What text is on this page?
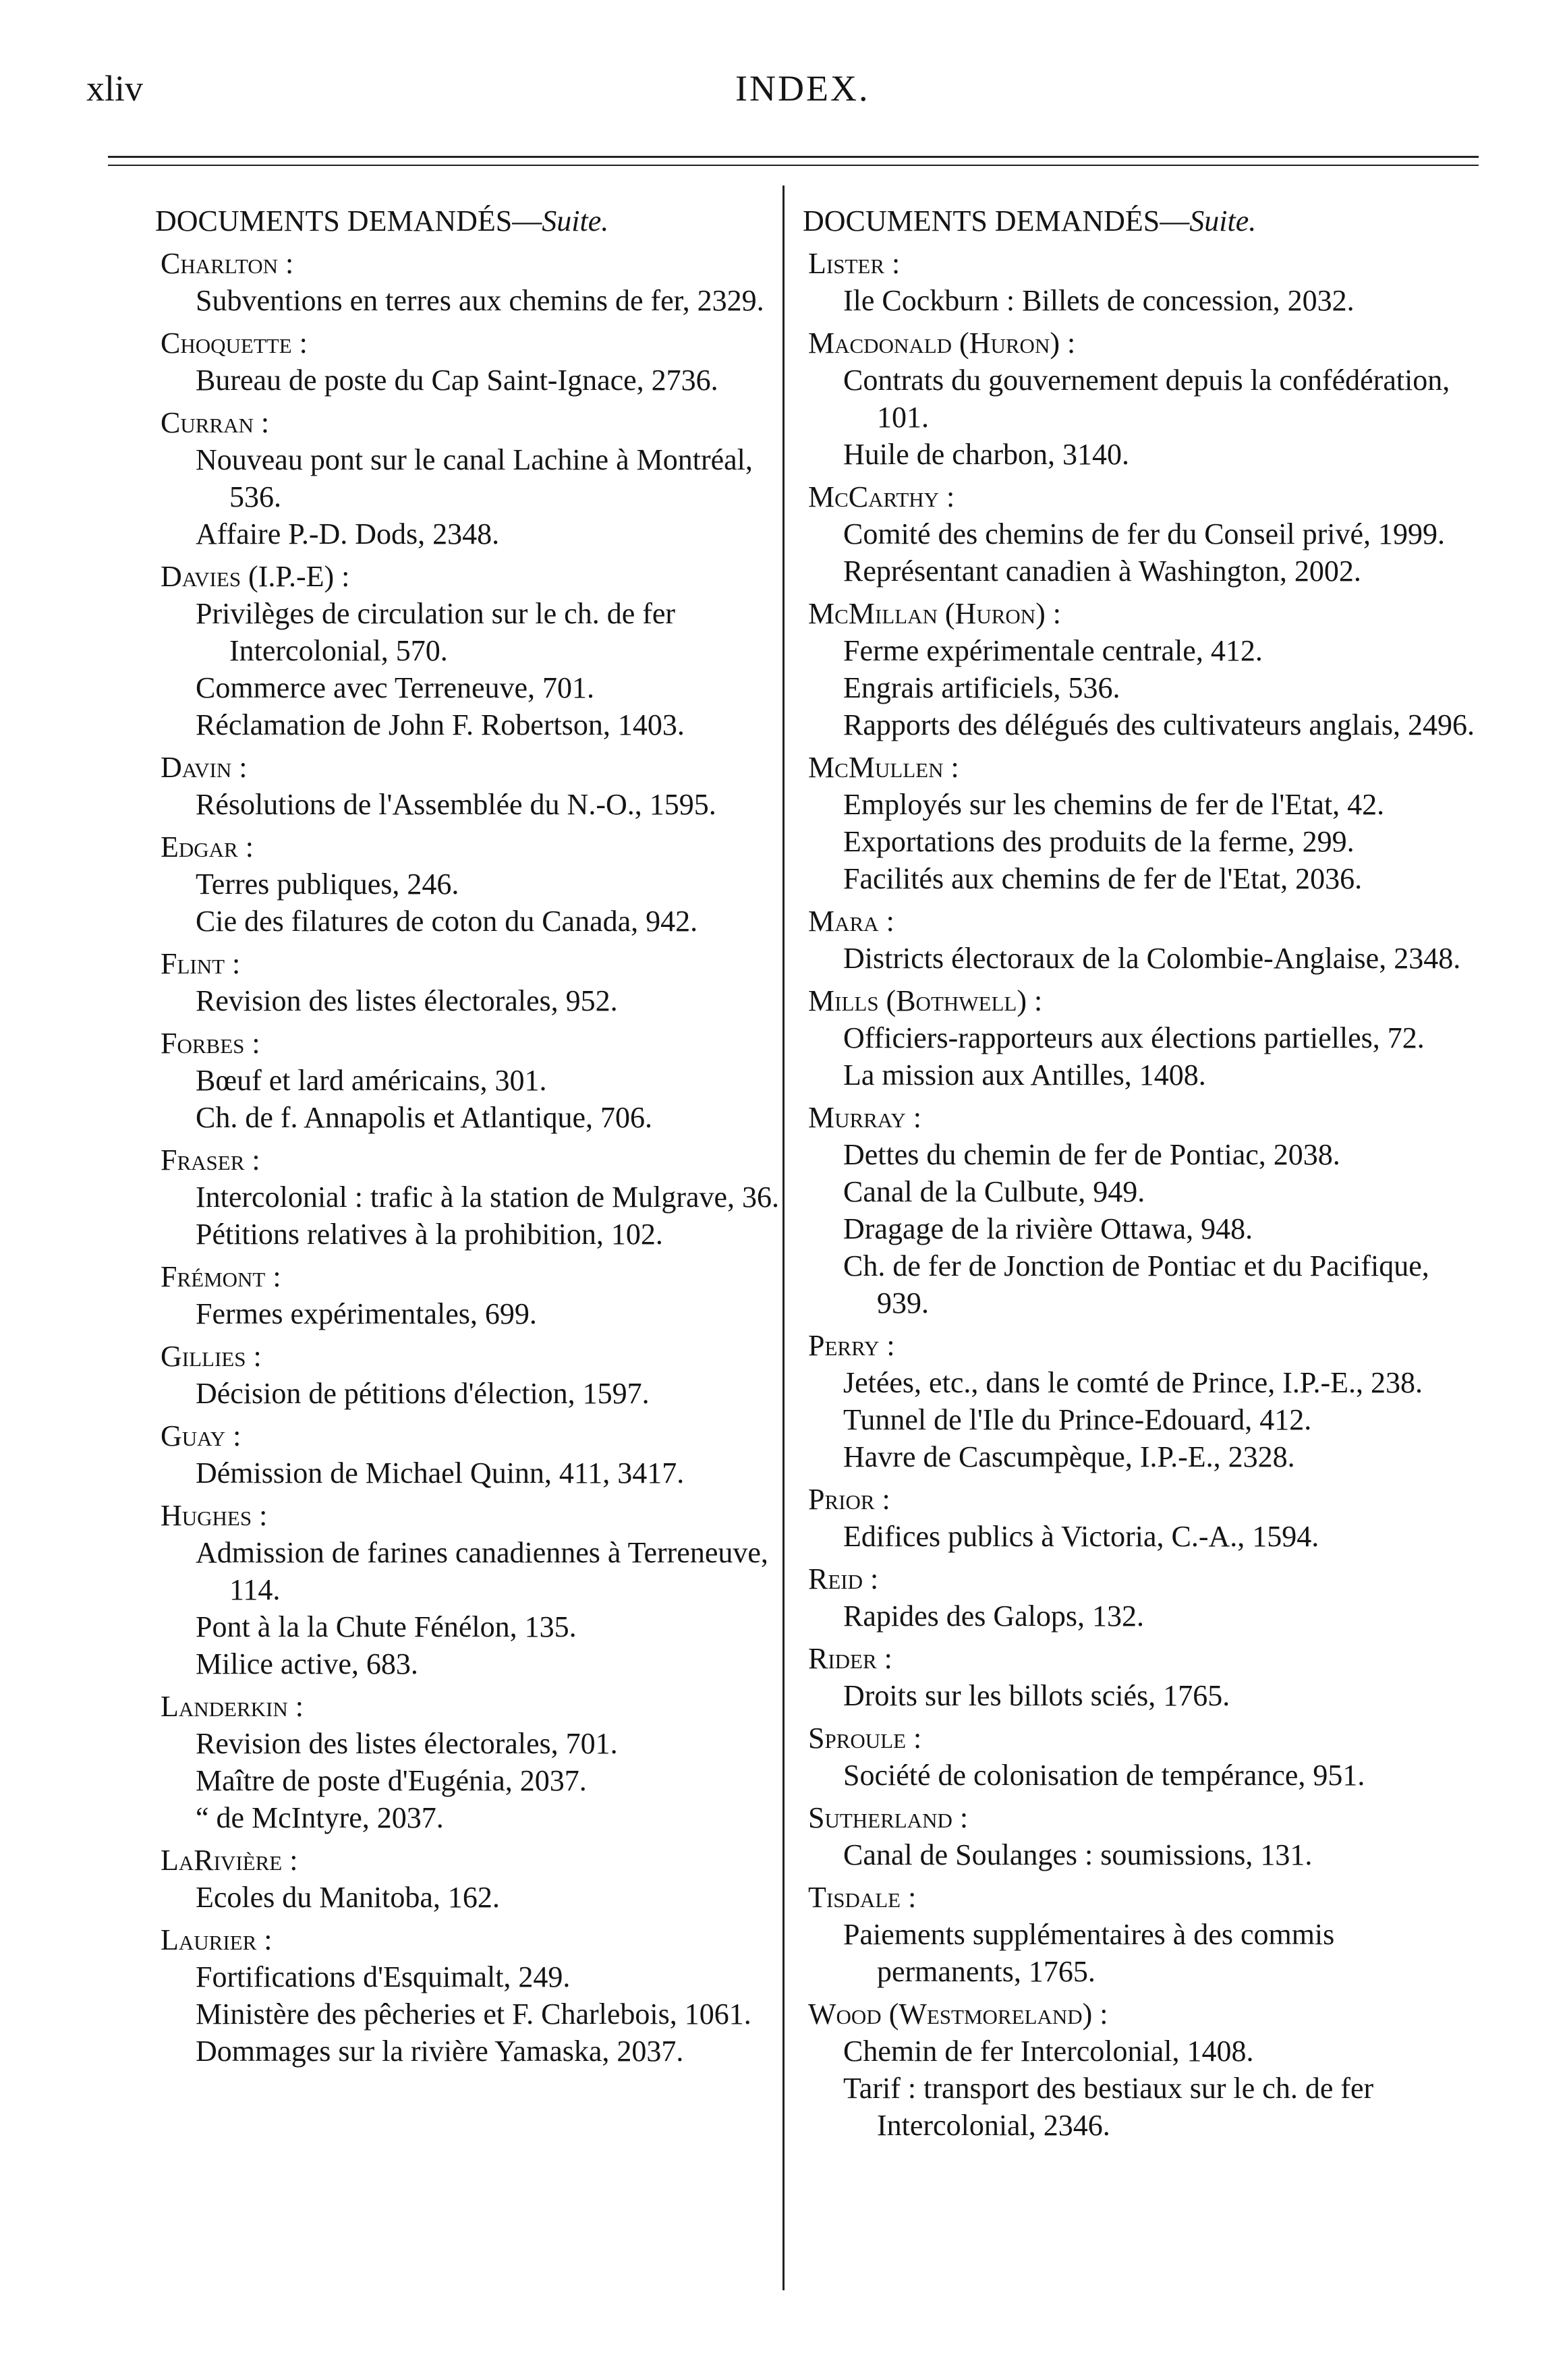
xliv	INDEX.
DOCUMENTS DEMANDÉS—Suite.
Charlton :
Subventions en terres aux chemins de fer, 2329.
Choquette :
Bureau de poste du Cap Saint-Ignace, 2736.
Curran :
Nouveau pont sur le canal Lachine à Montréal, 536.
Affaire P.-D. Dods, 2348.
Davies (I.P.-E) :
Privilèges de circulation sur le ch. de fer Intercolonial, 570.
Commerce avec Terreneuve, 701.
Réclamation de John F. Robertson, 1403.
Davin :
Résolutions de l'Assemblée du N.-O., 1595.
Edgar :
Terres publiques, 246.
Cie des filatures de coton du Canada, 942.
Flint :
Revision des listes électorales, 952.
Forbes :
Bœuf et lard américains, 301.
Ch. de f. Annapolis et Atlantique, 706.
Fraser :
Intercolonial : trafic à la station de Mulgrave, 36.
Pétitions relatives à la prohibition, 102.
Frémont :
Fermes expérimentales, 699.
Gillies :
Décision de pétitions d'élection, 1597.
Guay :
Démission de Michael Quinn, 411, 3417.
Hughes :
Admission de farines canadiennes à Terreneuve, 114.
Pont à la la Chute Fénélon, 135.
Milice active, 683.
Landerkin :
Revision des listes électorales, 701.
Maître de poste d'Eugénia, 2037.
“ de McIntyre, 2037.
LaRivière :
Ecoles du Manitoba, 162.
Laurier :
Fortifications d'Esquimalt, 249.
Ministère des pêcheries et F. Charlebois, 1061.
Dommages sur la rivière Yamaska, 2037.
DOCUMENTS DEMANDÉS—Suite.
Lister :
Ile Cockburn : Billets de concession, 2032.
Macdonald (Huron) :
Contrats du gouvernement depuis la confédération, 101.
Huile de charbon, 3140.
McCarthy :
Comité des chemins de fer du Conseil privé, 1999.
Représentant canadien à Washington, 2002.
McMillan (Huron) :
Ferme expérimentale centrale, 412.
Engrais artificiels, 536.
Rapports des délégués des cultivateurs anglais, 2496.
McMullen :
Employés sur les chemins de fer de l'Etat, 42.
Exportations des produits de la ferme, 299.
Facilités aux chemins de fer de l'Etat, 2036.
Mara :
Districts électoraux de la Colombie-Anglaise, 2348.
Mills (Bothwell) :
Officiers-rapporteurs aux élections partielles, 72.
La mission aux Antilles, 1408.
Murray :
Dettes du chemin de fer de Pontiac, 2038.
Canal de la Culbute, 949.
Dragage de la rivière Ottawa, 948.
Ch. de fer de Jonction de Pontiac et du Pacifique, 939.
Perry :
Jetées, etc., dans le comté de Prince, I.P.-E., 238.
Tunnel de l'Ile du Prince-Edouard, 412.
Havre de Cascumpèque, I.P.-E., 2328.
Prior :
Edifices publics à Victoria, C.-A., 1594.
Reid :
Rapides des Galops, 132.
Rider :
Droits sur les billots sciés, 1765.
Sproule :
Société de colonisation de tempérance, 951.
Sutherland :
Canal de Soulanges : soumissions, 131.
Tisdale :
Paiements supplémentaires à des commis permanents, 1765.
Wood (Westmoreland) :
Chemin de fer Intercolonial, 1408.
Tarif : transport des bestiaux sur le ch. de fer Intercolonial, 2346.
